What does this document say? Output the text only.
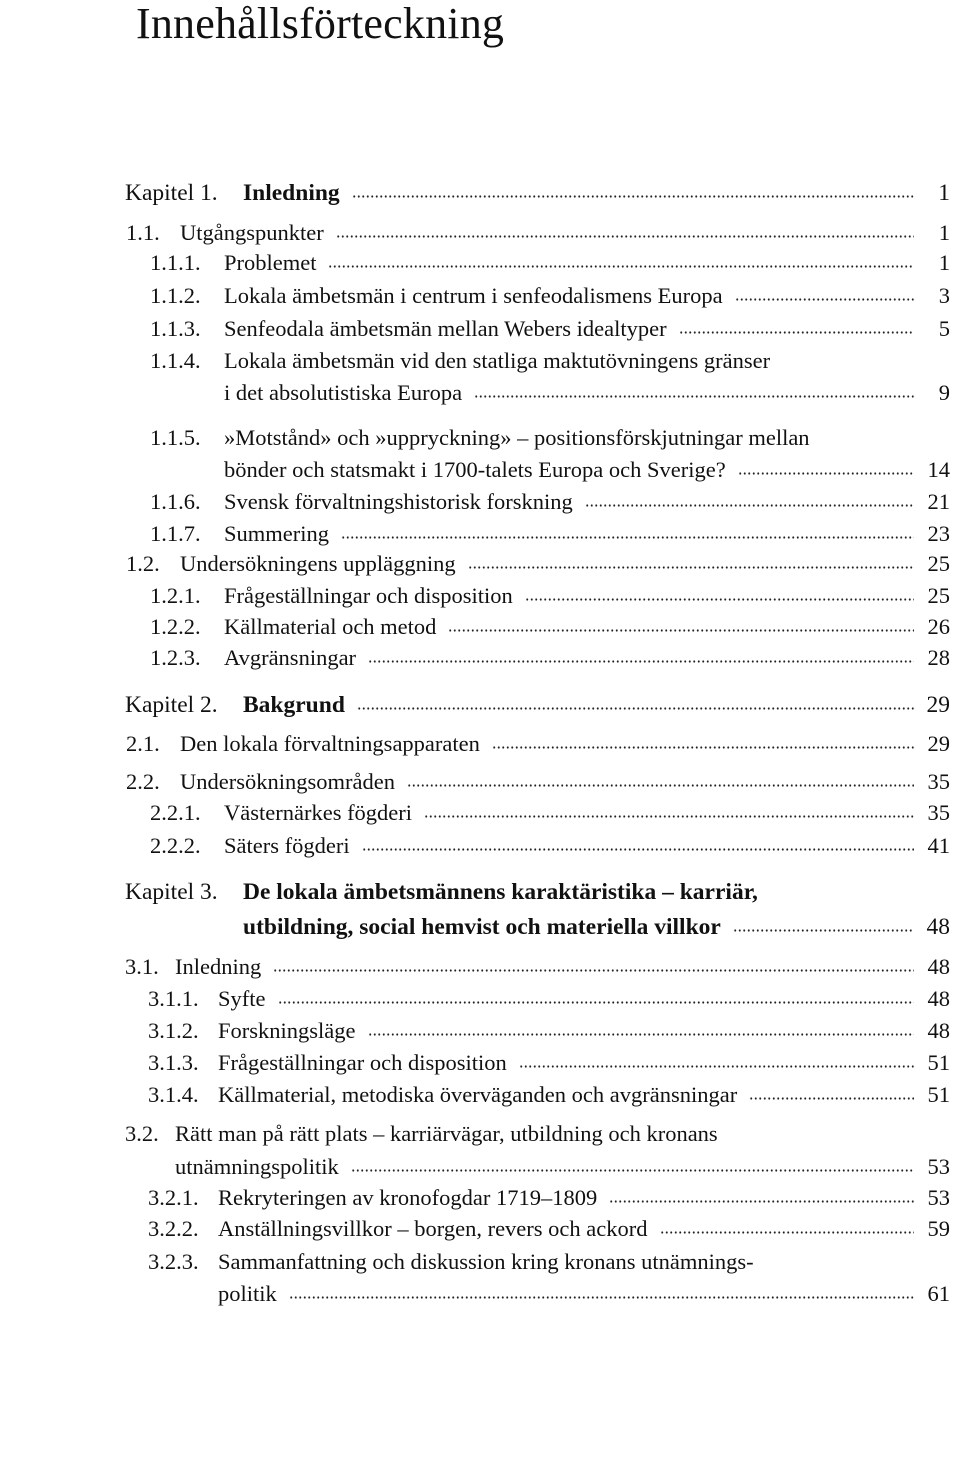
Innehållsförteckning
Kapitel 1.	Inledning	1
1.1. Utgångspunkter	1
1.1.1.	Problemet	1
1.1.2.	Lokala ämbetsmän i centrum i senfeodalismens Europa	3
1.1.3.	Senfeodala ämbetsmän mellan Webers idealtyper	5
1.1.4.	Lokala ämbetsmän vid den statliga maktutövningens gränser
i det absolutistiska Europa	9
1.1.5.	»Motstånd» och »uppryckning» – positionsförskjutningar mellan
bönder och statsmakt i 1700-talets Europa och Sverige?	14
1.1.6.	Svensk förvaltningshistorisk forskning	21
1.1.7.	Summering	23
1.2. Undersökningens uppläggning	25
1.2.1.	Frågeställningar och disposition	25
1.2.2.	Källmaterial och metod	26
1.2.3.	Avgränsningar	28
Kapitel 2.	Bakgrund	29
2.1. Den lokala förvaltningsapparaten	29
2.2. Undersökningsområden	35
2.2.1.	Västernärkes fögderi	35
2.2.2.	Säters fögderi	41
Kapitel 3.	De lokala ämbetsmännens karaktäristika – karriär,
utbildning, social hemvist och materiella villkor	48
3.1. Inledning	48
3.1.1. Syfte	48
3.1.2. Forskningsläge	48
3.1.3. Frågeställningar och disposition	51
3.1.4. Källmaterial, metodiska överväganden och avgränsningar	51
3.2. Rätt man på rätt plats – karriärvägar, utbildning och kronans
utnämningspolitik	53
3.2.1. Rekryteringen av kronofogdar 1719–1809	53
3.2.2. Anställningsvillkor – borgen, revers och ackord	59
3.2.3. Sammanfattning och diskussion kring kronans utnämnings-
politik	61
